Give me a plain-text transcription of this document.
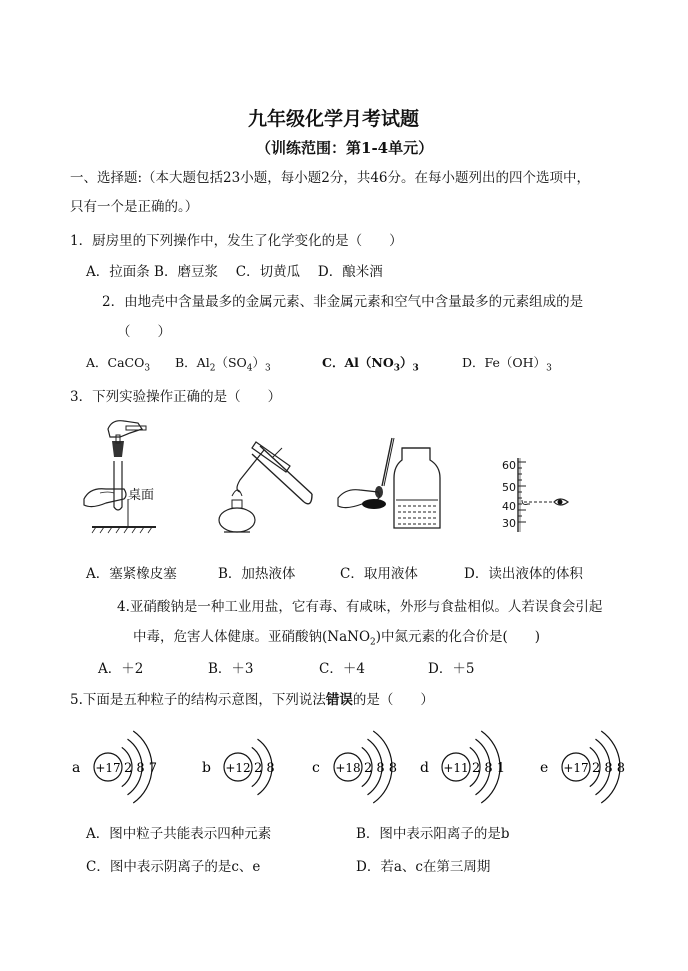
九年级化学月考试题
（训练范围：第1-4单元）
一、选择题:（本大题包括23小题，每小题2分，共46分。在每小题列出的四个选项中，
只有一个是正确的。）
1．厨房里的下列操作中，发生了化学变化的是（　　）
A．拉面条 B．磨豆浆　 C．切黄瓜　 D．酿米酒
2．由地壳中含量最多的金属元素、非金属元素和空气中含量最多的元素组成的是
（　　）
A．CaCO$_3$ B．$Al_2(SO_4)_3$	C．$Al(NO_3)_3$	D．$Fe(OH)_3$
3．下列实验操作正确的是（　　）
桌面
60
50
40
30
A．塞紧橡皮塞	B．加热液体	C．取用液体	D．读出液体的体积
4.亚硝酸钠是一种工业用盐，它有毒、有咸味，外形与食盐相似。人若误食会引起
中毒，危害人体健康。亚硝酸钠(NaNO$_2$)中氮元素的化合价是(　　)
A．＋2	B．＋3	C．＋4	D．＋5
5.下面是五种粒子的结构示意图，下列说法错误的是（　　）
a +17 2 8 7	b +12 2 8	c +18 2 8 8 d +11 2 8 1 e +17 2 8 8
A．图中粒子共能表示四种元素	B．图中表示阳离子的是b
C．图中表示阴离子的是c、e	D．若a、c在第三周期
